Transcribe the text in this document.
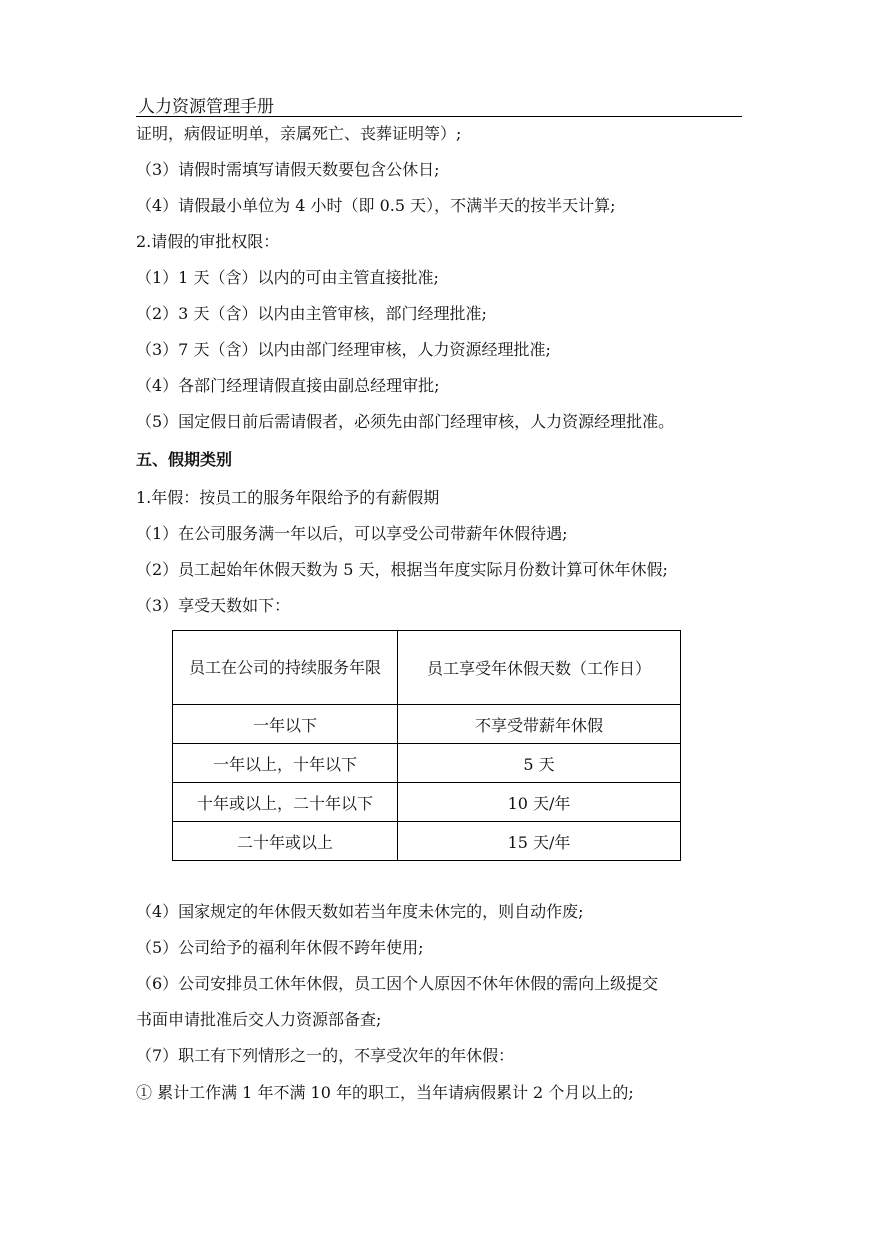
人力资源管理手册
证明，病假证明单，亲属死亡、丧葬证明等）;
（3）请假时需填写请假天数要包含公休日;
（4）请假最小单位为 4 小时（即 0.5 天），不满半天的按半天计算;
2.请假的审批权限：
（1）1 天（含）以内的可由主管直接批准;
（2）3 天（含）以内由主管审核，部门经理批准;
（3）7 天（含）以内由部门经理审核，人力资源经理批准;
（4）各部门经理请假直接由副总经理审批;
（5）国定假日前后需请假者，必须先由部门经理审核，人力资源经理批准。
五、假期类别
1.年假：按员工的服务年限给予的有薪假期
（1）在公司服务满一年以后，可以享受公司带薪年休假待遇;
（2）员工起始年休假天数为 5 天，根据当年度实际月份数计算可休年休假;
（3）享受天数如下：
员工在公司的持续服务年限	员工享受年休假天数（工作日）
一年以下	不享受带薪年休假
一年以上，十年以下	5 天
十年或以上，二十年以下	10 天/年
二十年或以上	15 天/年
（4）国家规定的年休假天数如若当年度未休完的，则自动作废;
（5）公司给予的福利年休假不跨年使用;
（6）公司安排员工休年休假，员工因个人原因不休年休假的需向上级提交
书面申请批准后交人力资源部备查;
（7）职工有下列情形之一的，不享受次年的年休假：
① 累计工作满 1 年不满 10 年的职工，当年请病假累计 2 个月以上的;
